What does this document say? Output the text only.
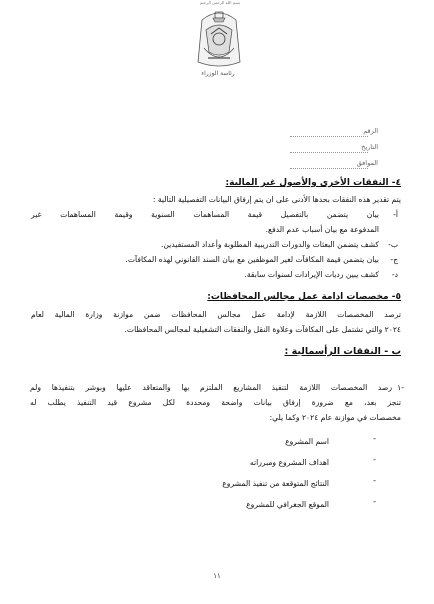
بسم الله الرحمن الرحيم
رئاسة الوزراء
الرقم
التاريخ
الموافق
٤- النفقات الأخرى والأصول غير المالية:
يتم تقدير هذه النفقات بحدها الأدنى على ان يتم إرفاق البيانات التفصيلية التالية :
أ-
بيان يتضمن بالتفصيل قيمة المساهمات السنوية وقيمة المساهمات غير
المدفوعة مع بيان أسباب عدم الدفع.
ب-
كشف يتضمن البعثات والدورات التدريبية المطلوبة وأعداد المستفيدين.
ج-
بيان يتضمن قيمة المكافآت لغير الموظفين مع بيان السند القانوني لهذه المكافآت.
د-
كشف يبين رديات الإيرادات لسنوات سابقة.
٥- مخصصات ادامة عمل مجالس المحافظات:
ترصد المخصصات اللازمة لإدامة عمل مجالس المحافظات ضمن موازنة وزارة المالية لعام
٢٠٢٤ والتي تشتمل على المكافآت وعلاوة النقل والنفقات التشغيلية لمجالس المحافظات.
ب - النفقات الرأسمالية :
١-
رصد المخصصات اللازمة لتنفيذ المشاريع الملتزم بها والمتعاقد عليها وبوشر بتنفيذها ولم
تنجز بعد، مع ضرورة إرفاق بيانات واضحة ومحددة لكل مشروع قيد التنفيذ يطلب له
مخصصات في موازنة عام ٢٠٢٤ وكما يلي:
-
اسم المشروع
-
اهداف المشروع ومبرراته
-
النتائج المتوقعة من تنفيذ المشروع
-
الموقع الجغرافي للمشروع
١١
